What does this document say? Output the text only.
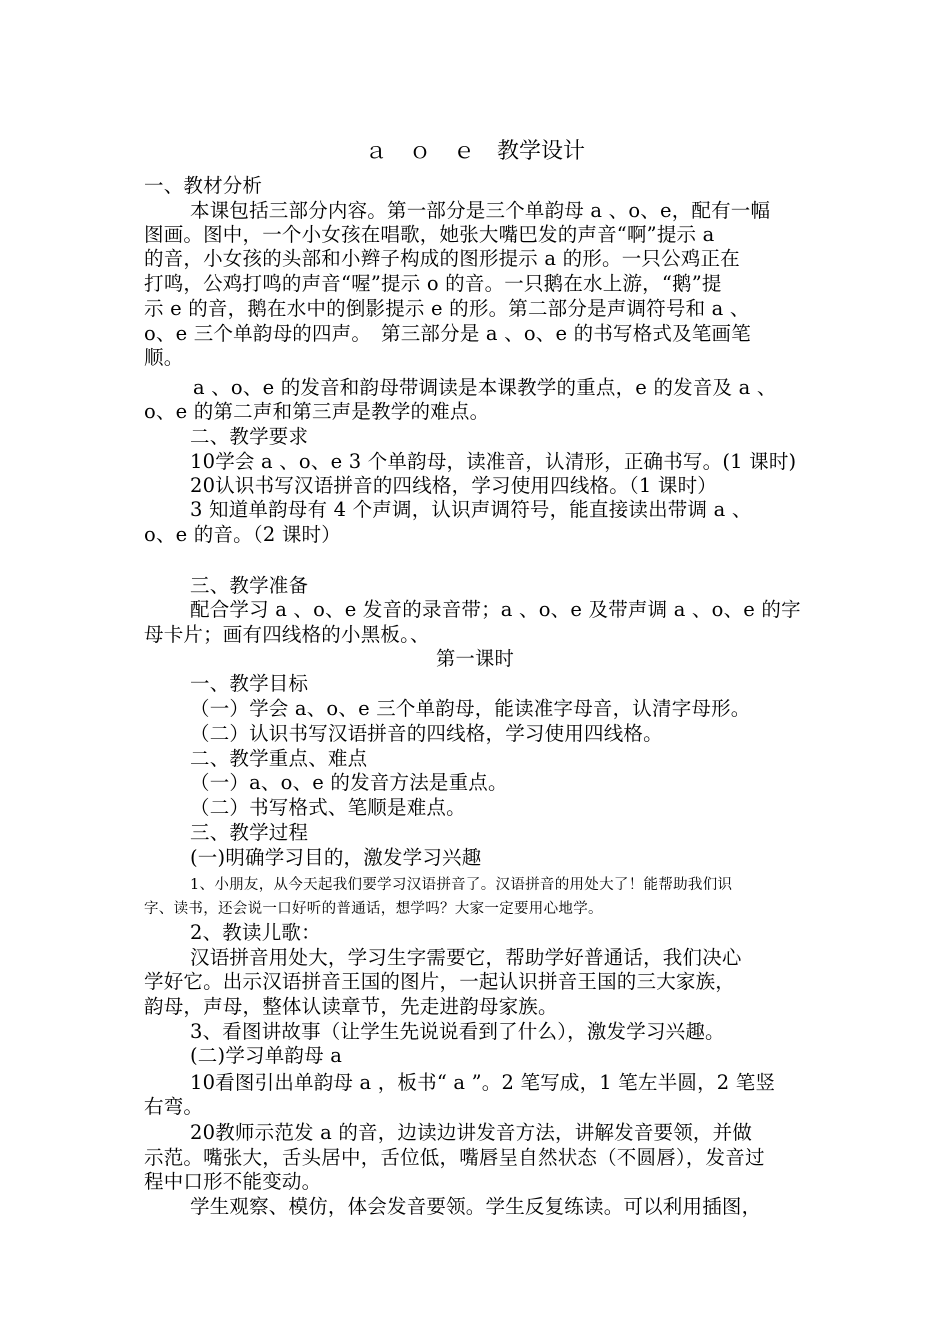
ａ　ｏ　ｅ　教学设计
一、教材分析
本课包括三部分内容。第一部分是三个单韵母 a 、o、e，配有一幅
图画。图中，一个小女孩在唱歌，她张大嘴巴发的声音“啊”提示 a
的音，小女孩的头部和小辫子构成的图形提示 a 的形。一只公鸡正在
打鸣，公鸡打鸣的声音“喔”提示 o 的音。一只鹅在水上游，“鹅”提
示 e 的音，鹅在水中的倒影提示 e 的形。第二部分是声调符号和 a 、
o、e 三个单韵母的四声。　第三部分是 a 、o、e 的书写格式及笔画笔
顺。
a 、o、e 的发音和韵母带调读是本课教学的重点，e 的发音及 a 、
o、e 的第二声和第三声是教学的难点。
二、教学要求
10学会 a 、o、e 3 个单韵母，读准音，认清形，正确书写。(1 课时)
20认识书写汉语拼音的四线格，学习使用四线格。（1 课时）
3 知道单韵母有 4 个声调，认识声调符号，能直接读出带调 a 、
o、e 的音。（2 课时）
三、教学准备
配合学习 a 、o、e 发音的录音带；a 、o、e 及带声调 a 、o、e 的字
母卡片；画有四线格的小黑板。、
第一课时
一、教学目标
（一）学会 a、o、e 三个单韵母，能读准字母音，认清字母形。
（二）认识书写汉语拼音的四线格，学习使用四线格。
二、教学重点、难点
（一）a、o、e 的发音方法是重点。
（二）书写格式、笔顺是难点。
三、教学过程
(一)明确学习目的，激发学习兴趣
1、小朋友，从今天起我们要学习汉语拼音了。汉语拼音的用处大了！能帮助我们识
字、读书，还会说一口好听的普通话，想学吗？大家一定要用心地学。
2、教读儿歌：
汉语拼音用处大，学习生字需要它，帮助学好普通话，我们决心
学好它。出示汉语拼音王国的图片，一起认识拼音王国的三大家族，
韵母，声母，整体认读章节，先走进韵母家族。
3、看图讲故事（让学生先说说看到了什么），激发学习兴趣。
(二)学习单韵母 a
10看图引出单韵母 a ，板书“ a ”。2 笔写成，1 笔左半圆，2 笔竖
右弯。
20教师示范发 a 的音，边读边讲发音方法，讲解发音要领，并做
示范。嘴张大，舌头居中，舌位低，嘴唇呈自然状态（不圆唇），发音过
程中口形不能变动。
学生观察、模仿，体会发音要领。学生反复练读。可以利用插图，
